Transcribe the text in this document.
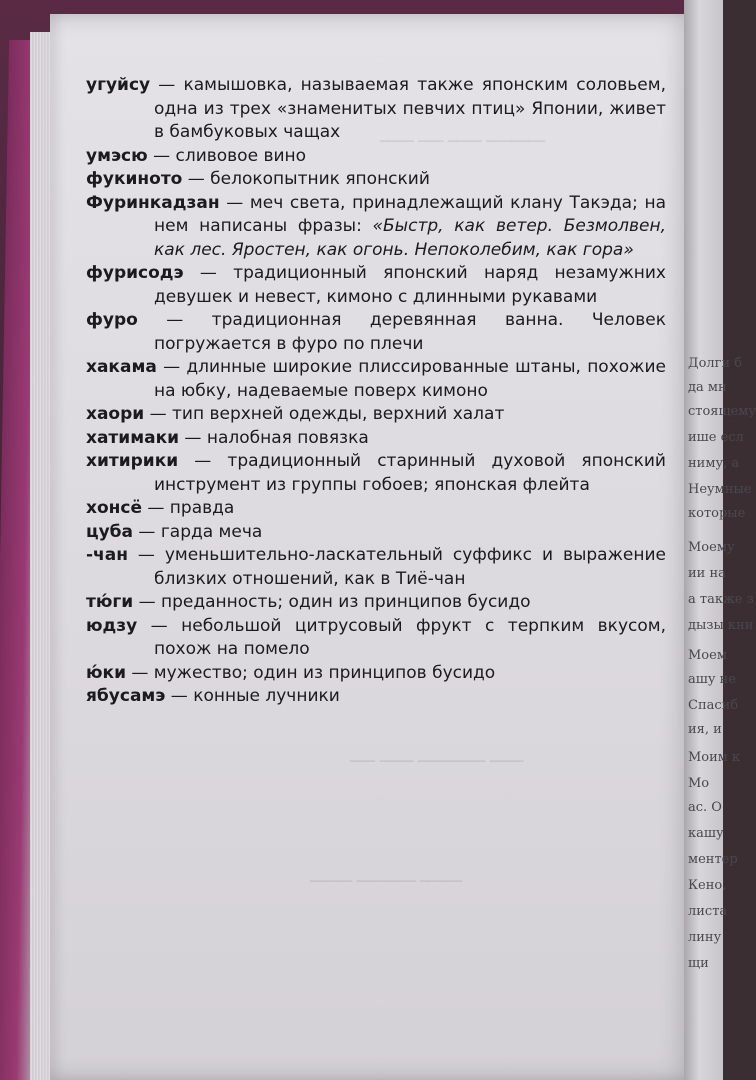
─────── ──── ─── ────
──── ──────── ──── ───
───── ─────── ─────

угуйсу — камышовка, называемая также японским соловьем, одна из трех «знаменитых певчих птиц» Японии, живет в бамбуковых чащах

умэсю — сливовое вино

фукиното — белокопытник японский

Фуринкадзан — меч света, принадлежащий клану Такэда; на нем написаны фразы: «Быстр, как ветер. Безмолвен, как лес. Яростен, как огонь. Непоколебим, как гора»

фурисодэ — традиционный японский наряд незамужних девушек и невест, кимоно с длинными рукавами

фуро — традиционная деревянная ванна. Человек погружается в фуро по плечи

хакама — длинные широкие плиссированные штаны, похожие на юбку, надеваемые поверх кимоно

хаори — тип верхней одежды, верхний халат

хатимаки — налобная повязка

хитирики — традиционный старинный духовой японский инструмент из группы гобоев; японская флейта

хонсё — правда

цуба — гарда меча

-чан — уменьшительно-ласкательный суффикс и выражение близких отношений, как в Тиё-чан

тю́ги — преданность; один из принципов бусидо

юдзу — небольшой цитрусовый фрукт с терпким вкусом, похож на помело

ю́ки — мужество; один из принципов бусидо

ябусамэ — конные лучники

Долги б
да мн
стоящему
ише есл
ниму, а
Неумные
которые
Моему
ии на
а также з
дызы кни
Моем
ашу не
Спасиб
ия, и
Моим к
Мо
ас. О
кашу
ментер
Кено,
листа
лину
щи
